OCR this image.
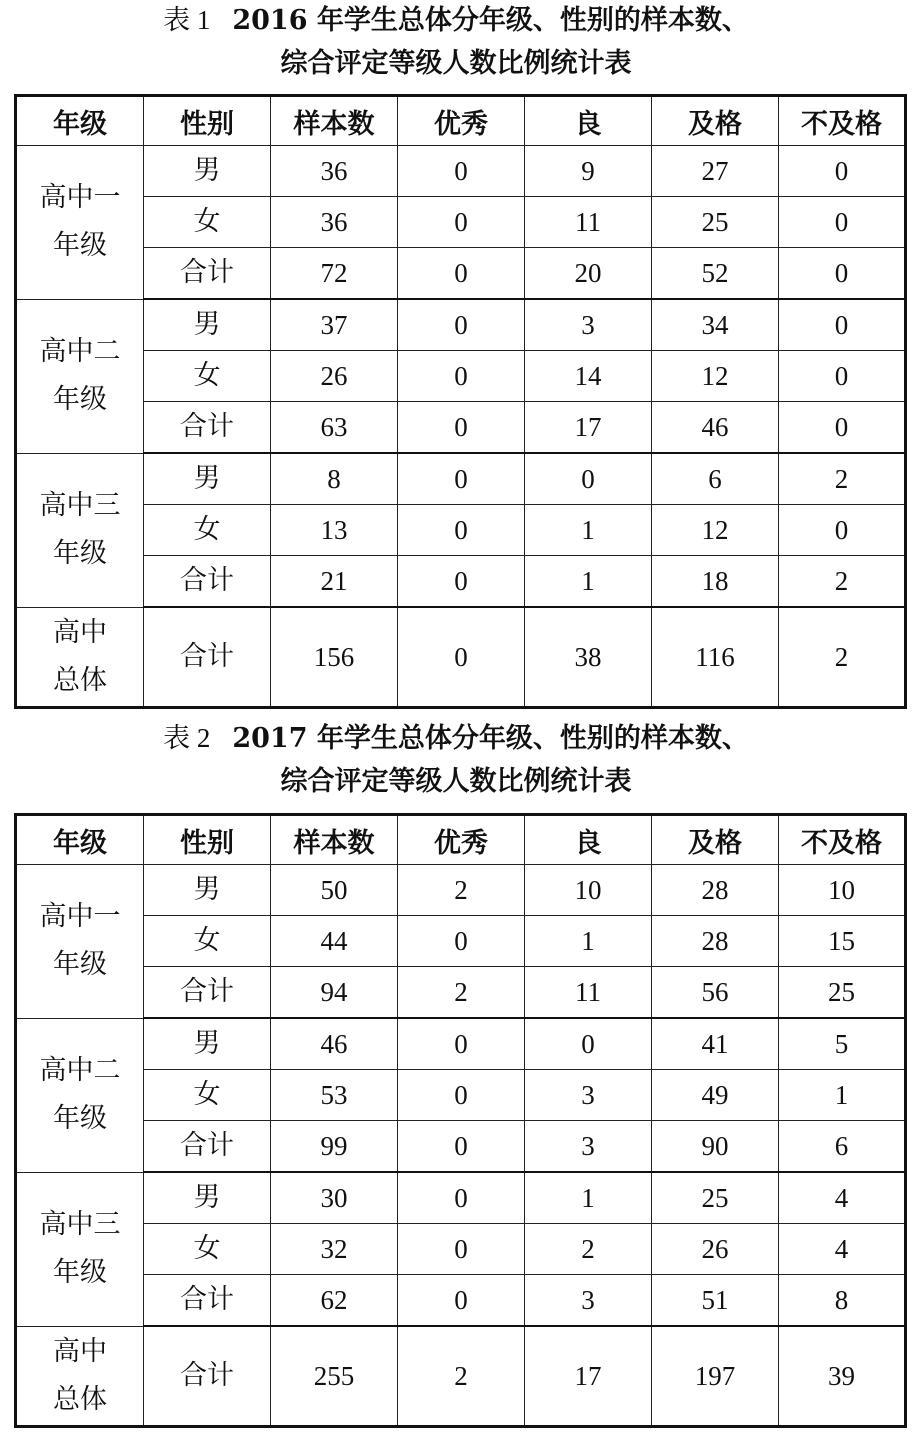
表 1 2016 年学生总体分年级、性别的样本数、
综合评定等级人数比例统计表
年级	性别	样本数	优秀	良	及格	不及格

高中一
年级	男	36	0	9	27	0
	女	36	0	11	25	0
	合计	72	0	20	52	0

高中二
年级	男	37	0	3	34	0
	女	26	0	14	12	0
	合计	63	0	17	46	0

高中三
年级	男	8	0	0	6	2
	女	13	0	1	12	0
	合计	21	0	1	18	2

高中
总体	合计	156	0	38	116	2
表 2 2017 年学生总体分年级、性别的样本数、
综合评定等级人数比例统计表
年级	性别	样本数	优秀	良	及格	不及格

高中一
年级	男	50	2	10	28	10
	女	44	0	1	28	15
	合计	94	2	11	56	25

高中二
年级	男	46	0	0	41	5
	女	53	0	3	49	1
	合计	99	0	3	90	6

高中三
年级	男	30	0	1	25	4
	女	32	0	2	26	4
	合计	62	0	3	51	8

高中
总体	合计	255	2	17	197	39
